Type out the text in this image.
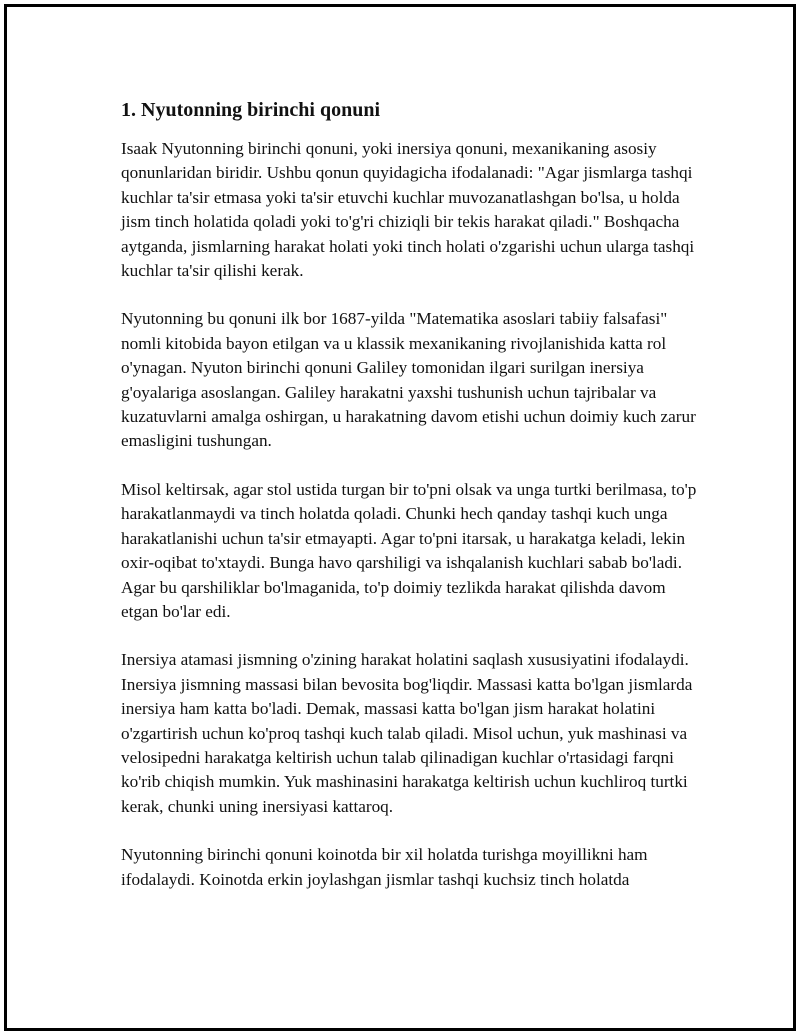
1. Nyutonning birinchi qonuni

Isaak Nyutonning birinchi qonuni, yoki inersiya qonuni, mexanikaning asosiy qonunlaridan biridir. Ushbu qonun quyidagicha ifodalanadi: "Agar jismlarga tashqi kuchlar ta'sir etmasa yoki ta'sir etuvchi kuchlar muvozanatlashgan bo'lsa, u holda jism tinch holatida qoladi yoki to'g'ri chiziqli bir tekis harakat qiladi." Boshqacha aytganda, jismlarning harakat holati yoki tinch holati o'zgarishi uchun ularga tashqi kuchlar ta'sir qilishi kerak.

Nyutonning bu qonuni ilk bor 1687-yilda "Matematika asoslari tabiiy falsafasi" nomli kitobida bayon etilgan va u klassik mexanikaning rivojlanishida katta rol o'ynagan. Nyuton birinchi qonuni Galiley tomonidan ilgari surilgan inersiya g'oyalariga asoslangan. Galiley harakatni yaxshi tushunish uchun tajribalar va kuzatuvlarni amalga oshirgan, u harakatning davom etishi uchun doimiy kuch zarur emasligini tushungan.

Misol keltirsak, agar stol ustida turgan bir to'pni olsak va unga turtki berilmasa, to'p harakatlanmaydi va tinch holatda qoladi. Chunki hech qanday tashqi kuch unga harakatlanishi uchun ta'sir etmayapti. Agar to'pni itarsak, u harakatga keladi, lekin oxir-oqibat to'xtaydi. Bunga havo qarshiligi va ishqalanish kuchlari sabab bo'ladi. Agar bu qarshiliklar bo'lmaganida, to'p doimiy tezlikda harakat qilishda davom etgan bo'lar edi.

Inersiya atamasi jismning o'zining harakat holatini saqlash xususiyatini ifodalaydi. Inersiya jismning massasi bilan bevosita bog'liqdir. Massasi katta bo'lgan jismlarda inersiya ham katta bo'ladi. Demak, massasi katta bo'lgan jism harakat holatini o'zgartirish uchun ko'proq tashqi kuch talab qiladi. Misol uchun, yuk mashinasi va velosipedni harakatga keltirish uchun talab qilinadigan kuchlar o'rtasidagi farqni ko'rib chiqish mumkin. Yuk mashinasini harakatga keltirish uchun kuchliroq turtki kerak, chunki uning inersiyasi kattaroq.

Nyutonning birinchi qonuni koinotda bir xil holatda turishga moyillikni ham ifodalaydi. Koinotda erkin joylashgan jismlar tashqi kuchsiz tinch holatda
